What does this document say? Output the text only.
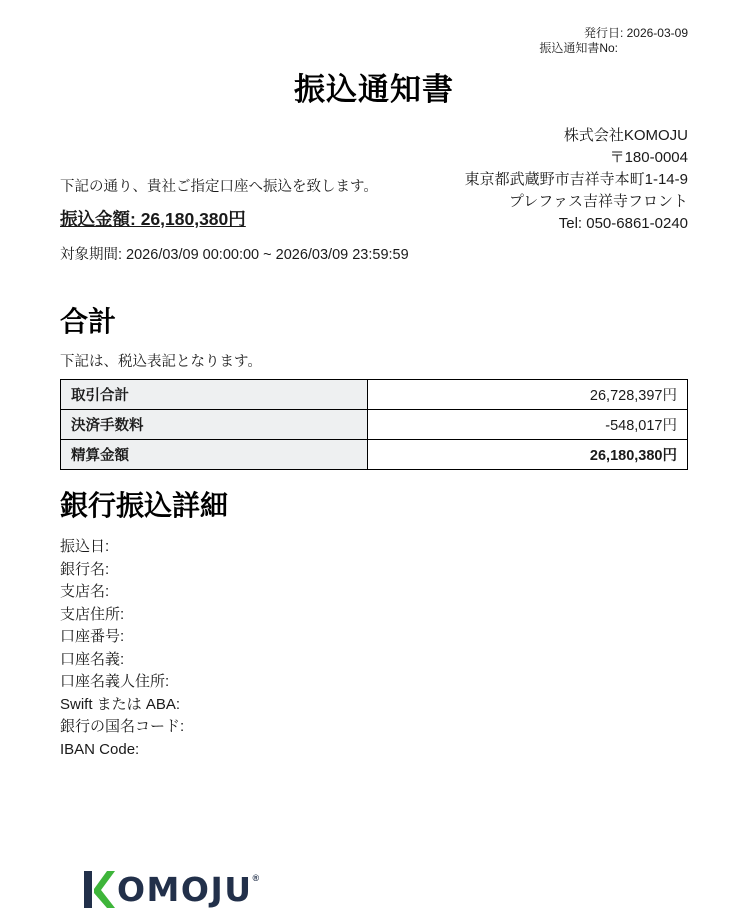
発行日: 2026-03-09
振込通知書No:
振込通知書

下記の通り、貴社ご指定口座へ振込を致します。

振込金額: 26,180,380円

対象期間: 2026/03/09 00:00:00 ~ 2026/03/09 23:59:59

株式会社KOMOJU
〒180-0004
東京都武蔵野市吉祥寺本町1-14-9
プレファス吉祥寺フロント
Tel: 050-6861-0240
合計

下記は、税込表記となります。

取引合計	26,728,397円
決済手数料	-548,017円
精算金額	26,180,380円
銀行振込詳細
振込日:
銀行名:
支店名:
支店住所:
口座番号:
口座名義:
口座名義人住所:
Swift または ABA:
銀行の国名コード:
IBAN Code:
OMOJU ®
